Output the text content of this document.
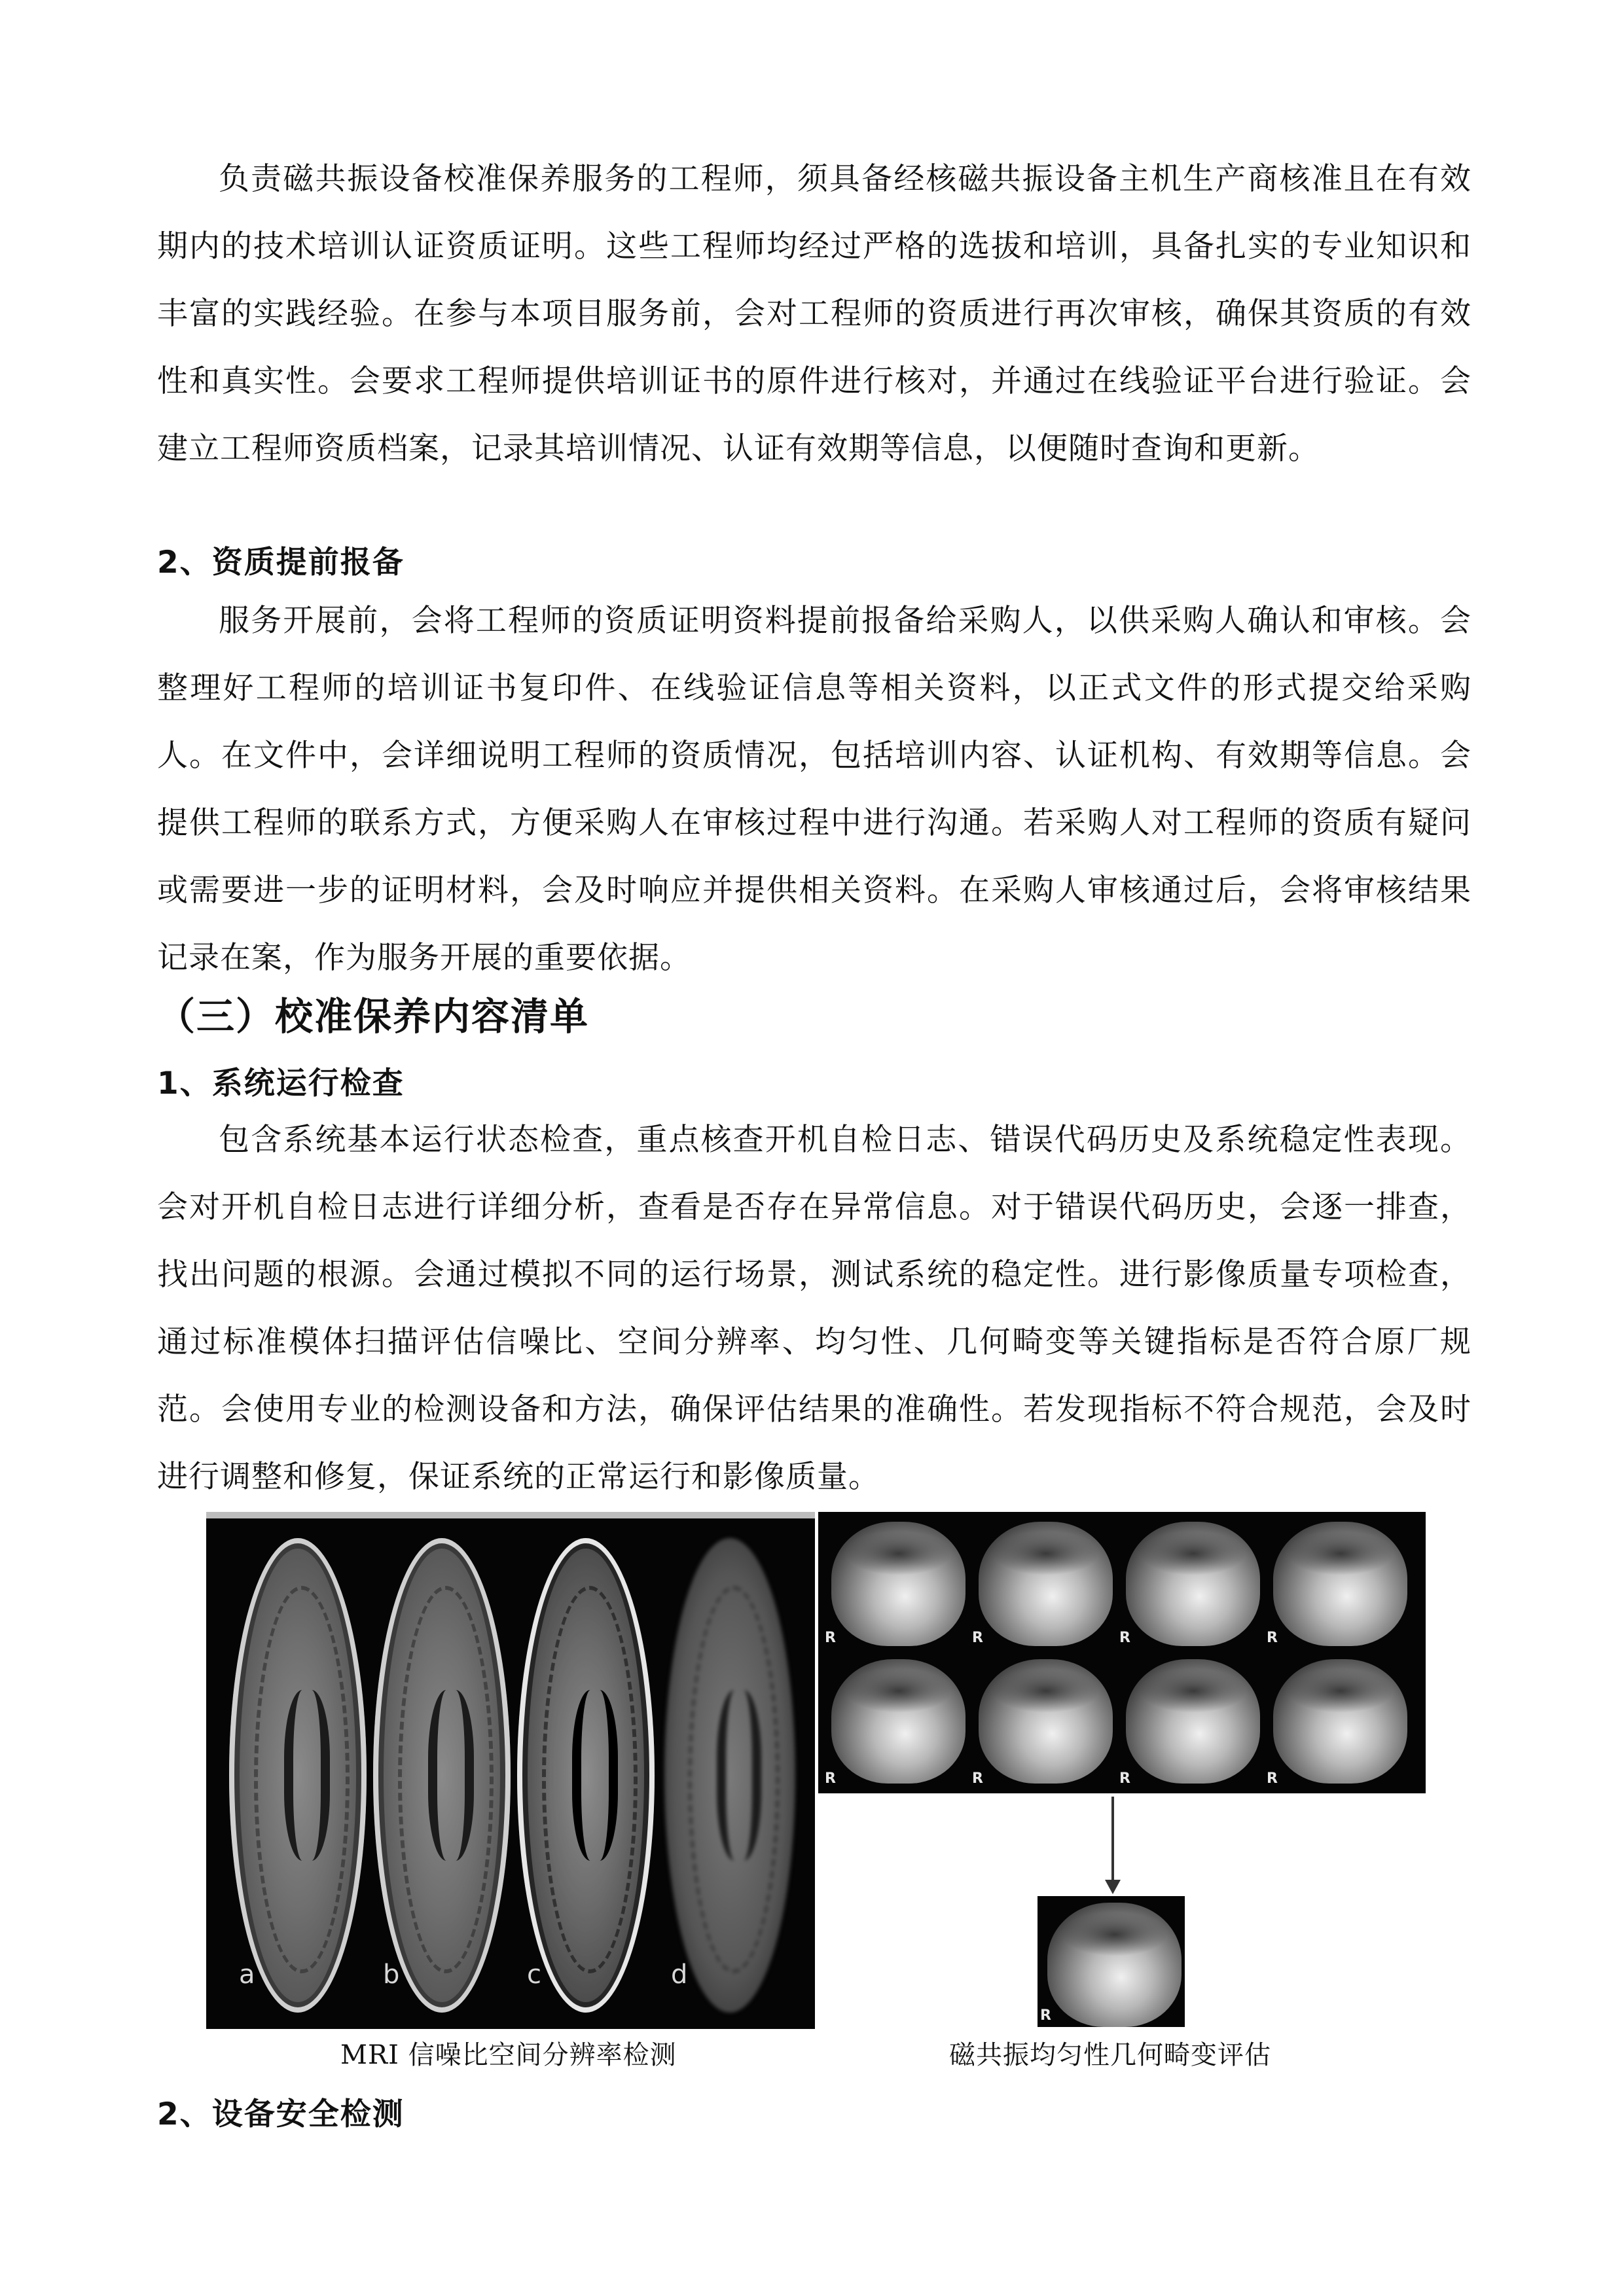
负责磁共振设备校准保养服务的工程师，须具备经核磁共振设备主机生产商核准且在有效期内的技术培训认证资质证明。这些工程师均经过严格的选拔和培训，具备扎实的专业知识和丰富的实践经验。在参与本项目服务前，会对工程师的资质进行再次审核，确保其资质的有效性和真实性。会要求工程师提供培训证书的原件进行核对，并通过在线验证平台进行验证。会建立工程师资质档案，记录其培训情况、认证有效期等信息，以便随时查询和更新。

2、资质提前报备

服务开展前，会将工程师的资质证明资料提前报备给采购人，以供采购人确认和审核。会整理好工程师的培训证书复印件、在线验证信息等相关资料，以正式文件的形式提交给采购人。在文件中，会详细说明工程师的资质情况，包括培训内容、认证机构、有效期等信息。会提供工程师的联系方式，方便采购人在审核过程中进行沟通。若采购人对工程师的资质有疑问或需要进一步的证明材料，会及时响应并提供相关资料。在采购人审核通过后，会将审核结果记录在案，作为服务开展的重要依据。

（三）校准保养内容清单
1、系统运行检查

包含系统基本运行状态检查，重点核查开机自检日志、错误代码历史及系统稳定性表现。会对开机自检日志进行详细分析，查看是否存在异常信息。对于错误代码历史，会逐一排查，找出问题的根源。会通过模拟不同的运行场景，测试系统的稳定性。进行影像质量专项检查，通过标准模体扫描评估信噪比、空间分辨率、均匀性、几何畸变等关键指标是否符合原厂规范。会使用专业的检测设备和方法，确保评估结果的准确性。若发现指标不符合规范，会及时进行调整和修复，保证系统的正常运行和影像质量。

a	b	c	d
R	R	R	R
R	R	R	R
R

MRI 信噪比空间分辨率检测	磁共振均匀性几何畸变评估

2、设备安全检测
